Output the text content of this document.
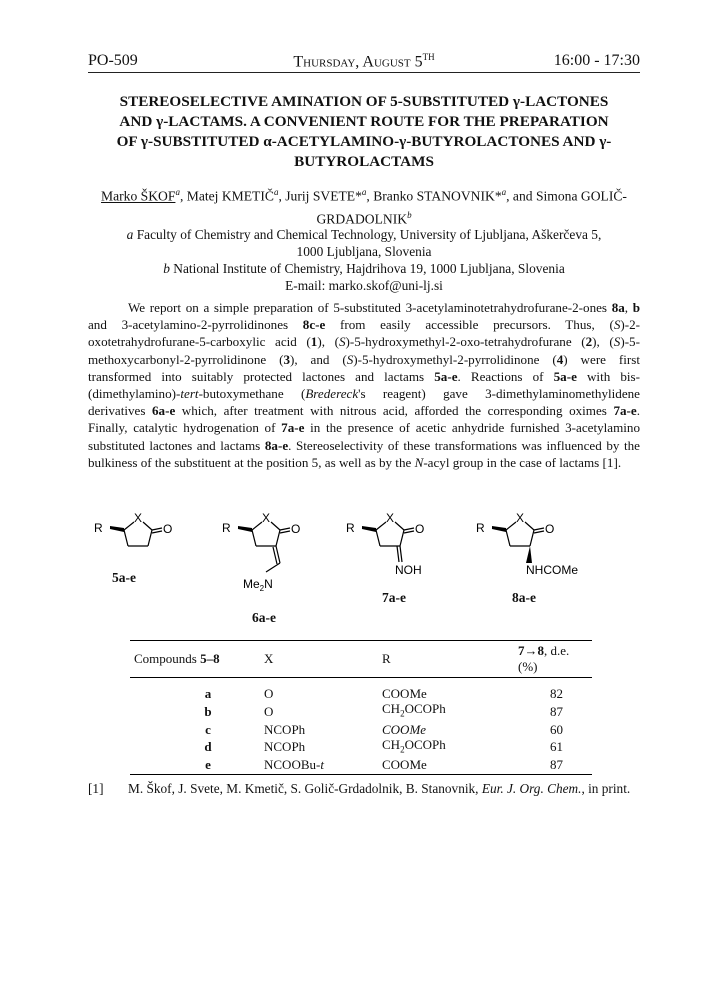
PO-509	Thursday, August 5TH	16:00 - 17:30
STEREOSELECTIVE AMINATION OF 5-SUBSTITUTED γ-LACTONES
AND γ-LACTAMS. A CONVENIENT ROUTE FOR THE PREPARATION
OF γ-SUBSTITUTED α-ACETYLAMINO-γ-BUTYROLACTONES AND γ-
BUTYROLACTAMS
Marko ŠKOF$^a$, Matej KMETIČ$^a$, Jurij SVETE*$^a$, Branko STANOVNIK*$^a$, and Simona GOLIČ-
GRDADOLNIK$^b$
a Faculty of Chemistry and Chemical Technology, University of Ljubljana, Aškerčeva 5,
1000 Ljubljana, Slovenia
b National Institute of Chemistry, Hajdrihova 19, 1000 Ljubljana, Slovenia
E-mail: marko.skof@uni-lj.si

We report on a simple preparation of 5-substituted 3-acetylaminotetrahydrofurane-2-ones 8a, b and 3-acetylamino-2-pyrrolidinones 8c-e from easily accessible precursors. Thus, (S)-2-oxotetrahydrofurane-5-carboxylic acid (1), (S)-5-hydroxymethyl-2-oxo-tetrahydrofurane (2), (S)-5-methoxycarbonyl-2-pyrrolidinone (3), and (S)-5-hydroxymethyl-2-pyrrolidinone (4) were first transformed into suitably protected lactones and lactams 5a-e. Reactions of 5a-e with bis-(dimethylamino)-tert-butoxymethane (Bredereck's reagent) gave 3-dimethylaminomethylidene derivatives 6a-e which, after treatment with nitrous acid, afforded the corresponding oximes 7a-e. Finally, catalytic hydrogenation of 7a-e in the presence of acetic anhydride furnished 3-acetylamino substituted lactones and lactams 8a-e. Stereoselectivity of these transformations was influenced by the bulkiness of the substituent at the position 5, as well as by the N-acyl group in the case of lactams [1].

R
X
O	R
X
O
$Me_2N$
R
X
O
NOH
R
X
O
NHCOMe
5a-e
6a-e
7a-e	8a-e
Compounds 5–8	X	R	7→8, d.e. (%)
a	O	COOMe	82
b	O	$CH_2OCOPh$	87
c	NCOPh	COOMe	60
d	NCOPh	$CH_2OCOPh$	61
e	NCOOBu-t	COOMe	87
[1] M. Škof, J. Svete, M. Kmetič, S. Golič-Grdadolnik, B. Stanovnik, Eur. J. Org. Chem., in print.
